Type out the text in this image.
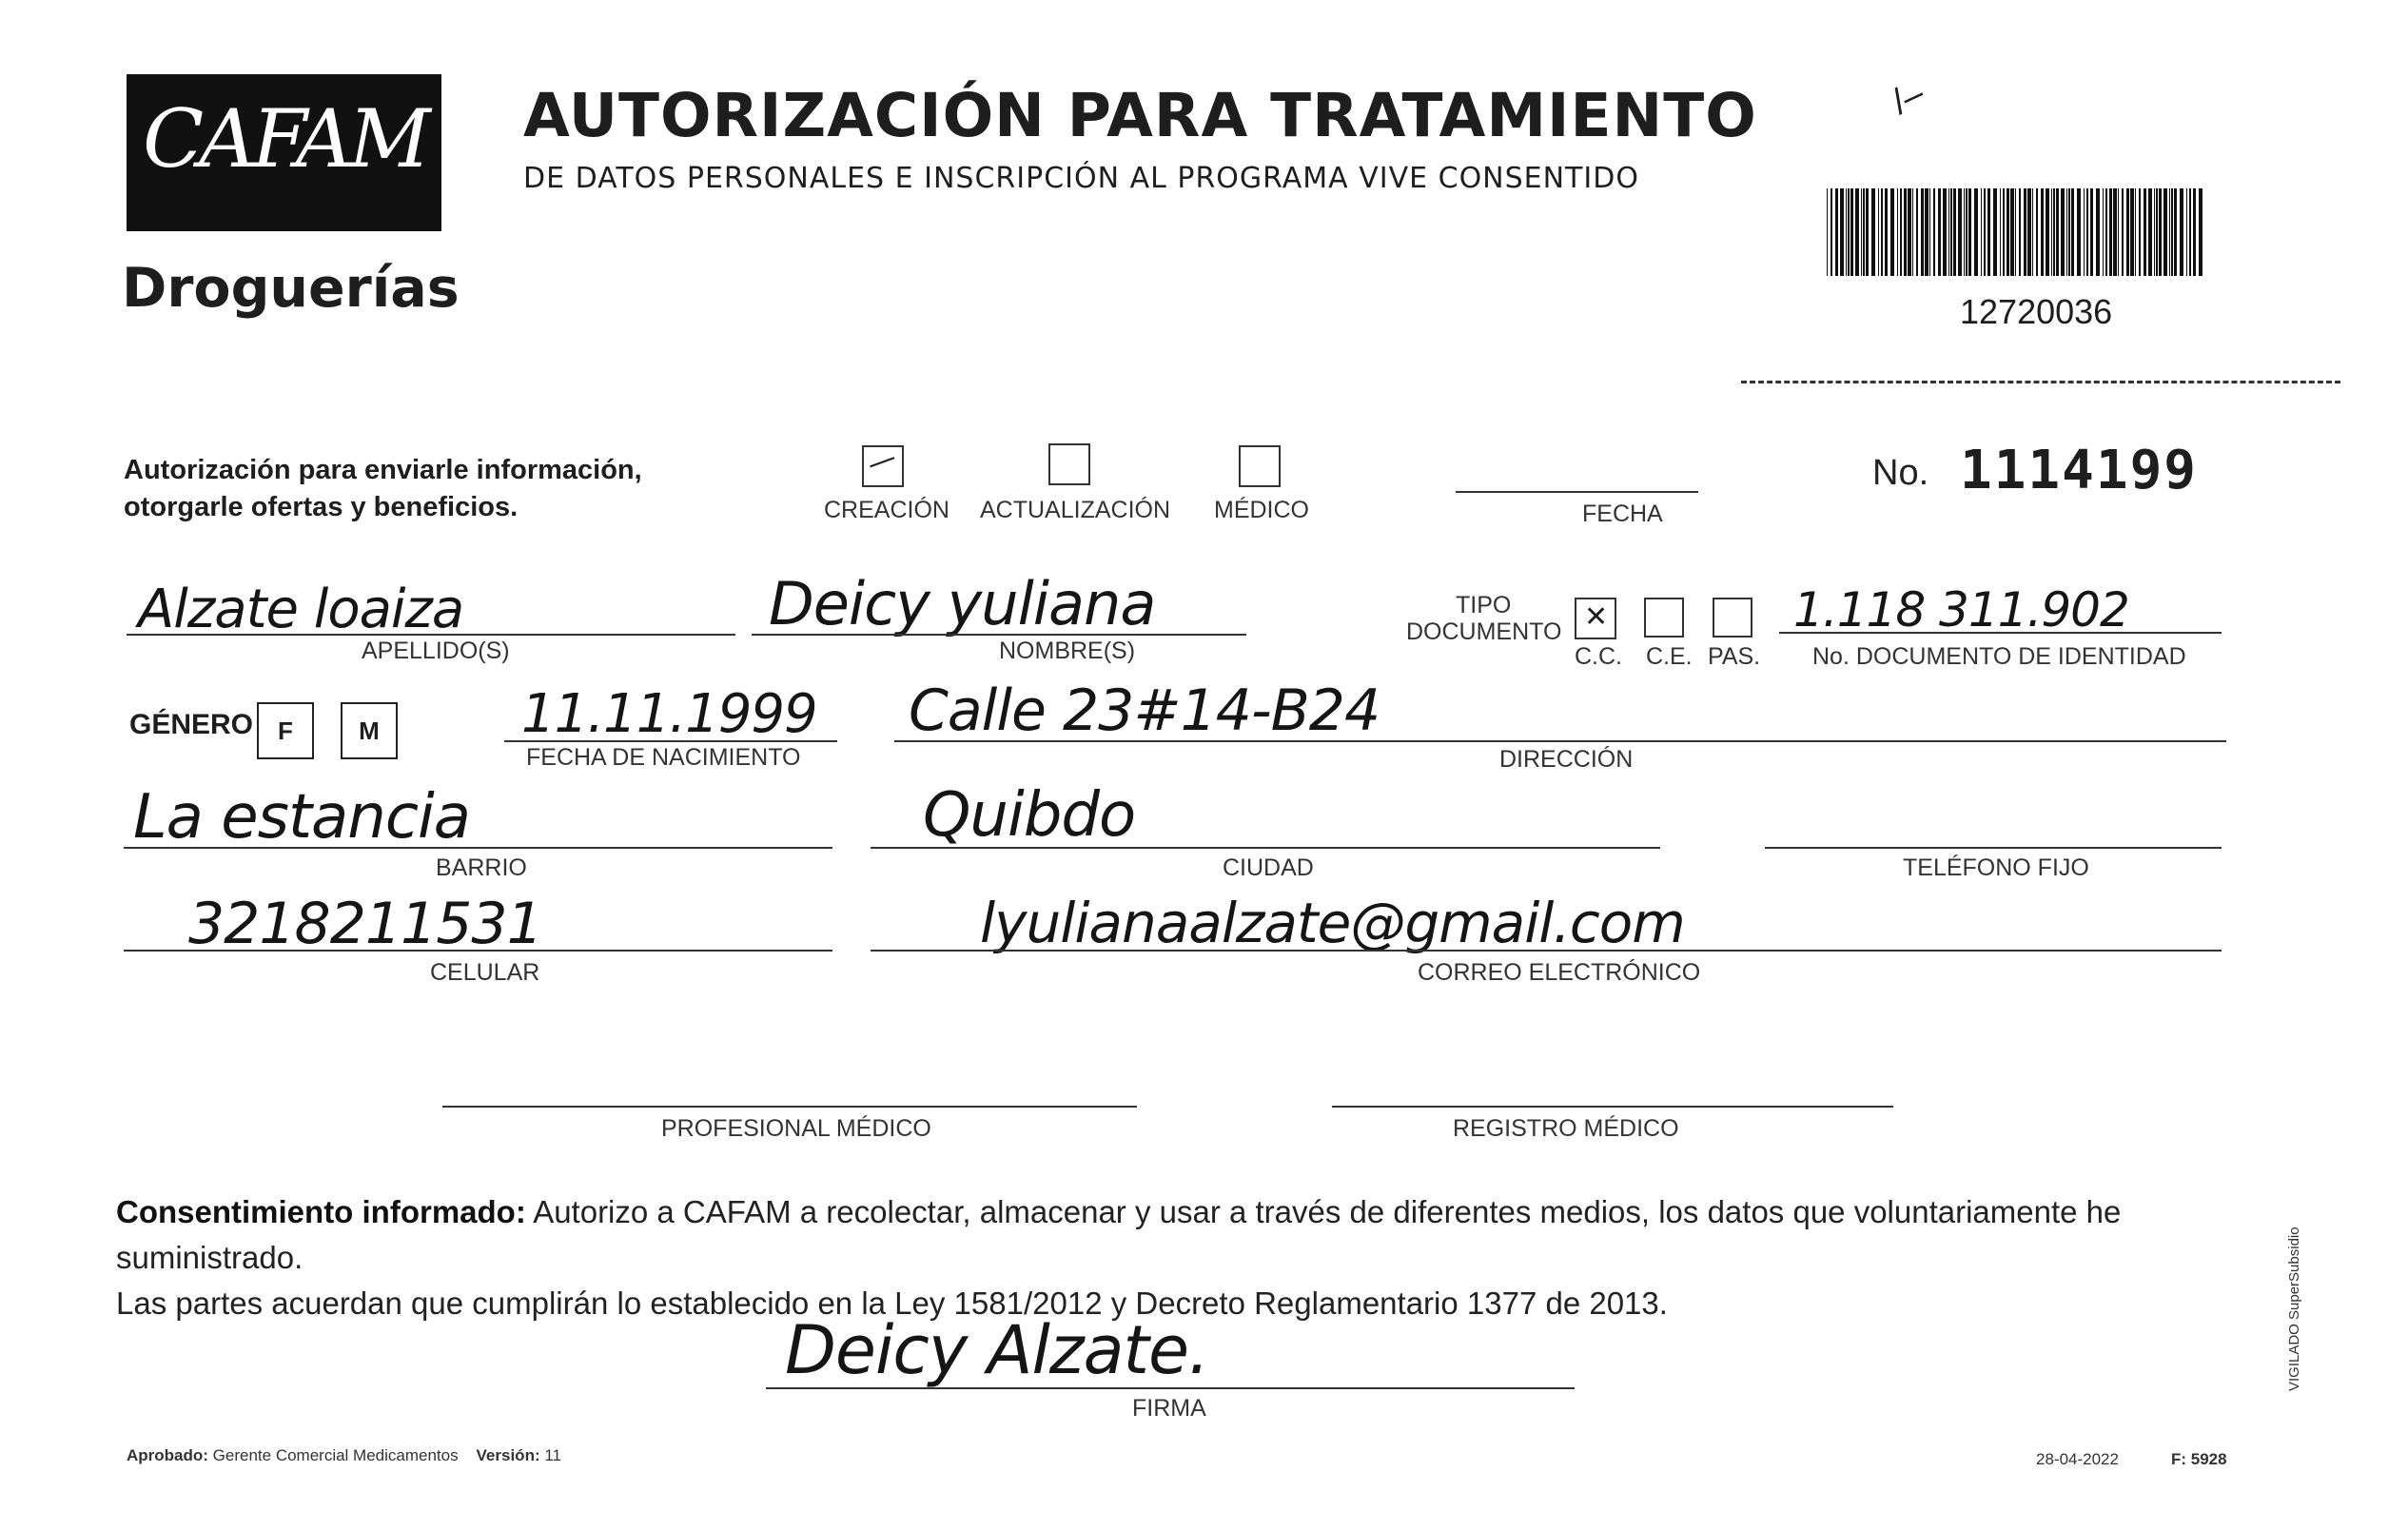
CAFAM
Droguerías
AUTORIZACIÓN PARA TRATAMIENTO
DE DATOS PERSONALES E INSCRIPCIÓN AL PROGRAMA VIVE CONSENTIDO
12720036
/–
Autorización para enviarle información,
otorgarle ofertas y beneficios.
—
CREACIÓN ACTUALIZACIÓN MÉDICO	FECHA
No. 1114199
Alzate loaiza
APELLIDO(S)
Deicy yuliana
NOMBRE(S)
TIPO
DOCUMENTO ✕
C.C. C.E. PAS.
1.118 311.902
No. DOCUMENTO DE IDENTIDAD
GÉNERO	F	M	11.11.1999
FECHA DE NACIMIENTO
Calle 23#14-B24
DIRECCIÓN
La estancia
BARRIO
Quibdo
CIUDAD	TELÉFONO FIJO
3218211531
CELULAR
lyulianaalzate@gmail.com
CORREO ELECTRÓNICO
PROFESIONAL MÉDICO	REGISTRO MÉDICO
Consentimiento informado: Autorizo a CAFAM a recolectar, almacenar y usar a través de diferentes medios, los datos que voluntariamente he suministrado.
Las partes acuerdan que cumplirán lo establecido en la Ley 1581/2012 y Decreto Reglamentario 1377 de 2013.	VIGILADO SuperSubsidio
Deicy Alzate.
FIRMA
Aprobado: Gerente Comercial Medicamentos Versión: 11	28-04-2022	F: 5928
